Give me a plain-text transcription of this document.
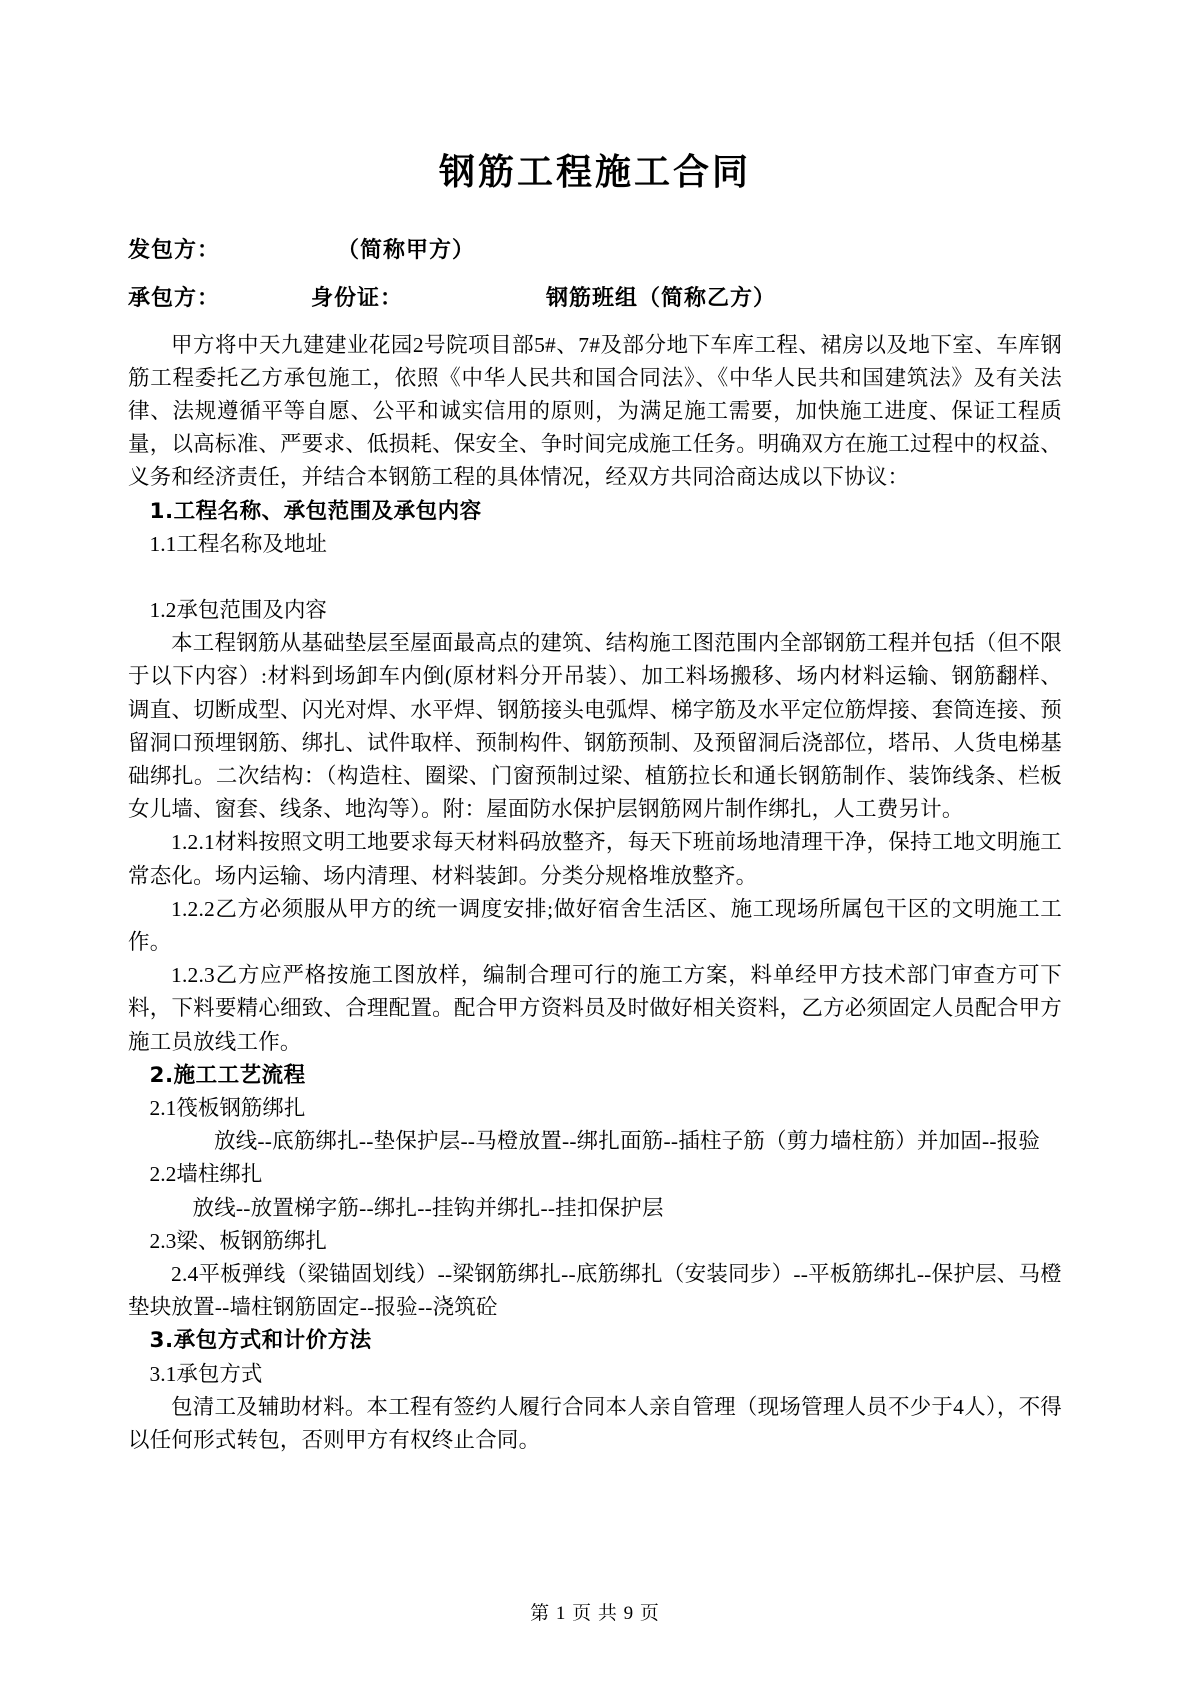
钢筋工程施工合同

发包方：                  （简称甲方）

承包方：              身份证：                      钢筋班组（简称乙方）

甲方将中天九建建业花园2号院项目部5#、7#及部分地下车库工程、裙房以及地下室、车库钢筋工程委托乙方承包施工，依照《中华人民共和国合同法》、《中华人民共和国建筑法》及有关法律、法规遵循平等自愿、公平和诚实信用的原则，为满足施工需要，加快施工进度、保证工程质量，以高标准、严要求、低损耗、保安全、争时间完成施工任务。明确双方在施工过程中的权益、义务和经济责任，并结合本钢筋工程的具体情况，经双方共同洽商达成以下协议：

1.工程名称、承包范围及承包内容

1.1工程名称及地址

1.2承包范围及内容

本工程钢筋从基础垫层至屋面最高点的建筑、结构施工图范围内全部钢筋工程并包括（但不限于以下内容）:材料到场卸车内倒(原材料分开吊装）、加工料场搬移、场内材料运输、钢筋翻样、调直、切断成型、闪光对焊、水平焊、钢筋接头电弧焊、梯字筋及水平定位筋焊接、套筒连接、预留洞口预埋钢筋、绑扎、试件取样、预制构件、钢筋预制、及预留洞后浇部位，塔吊、人货电梯基础绑扎。二次结构：（构造柱、圈梁、门窗预制过梁、植筋拉长和通长钢筋制作、装饰线条、栏板女儿墙、窗套、线条、地沟等）。附：屋面防水保护层钢筋网片制作绑扎，人工费另计。

1.2.1材料按照文明工地要求每天材料码放整齐，每天下班前场地清理干净，保持工地文明施工常态化。场内运输、场内清理、材料装卸。分类分规格堆放整齐。

1.2.2乙方必须服从甲方的统一调度安排;做好宿舍生活区、施工现场所属包干区的文明施工工作。

1.2.3乙方应严格按施工图放样，编制合理可行的施工方案，料单经甲方技术部门审查方可下料，下料要精心细致、合理配置。配合甲方资料员及时做好相关资料，乙方必须固定人员配合甲方施工员放线工作。

2.施工工艺流程

2.1筏板钢筋绑扎

放线--底筋绑扎--垫保护层--马橙放置--绑扎面筋--插柱子筋（剪力墙柱筋）并加固--报验

2.2墙柱绑扎

放线--放置梯字筋--绑扎--挂钩并绑扎--挂扣保护层

2.3梁、板钢筋绑扎

2.4平板弹线（梁锚固划线）--梁钢筋绑扎--底筋绑扎（安装同步）--平板筋绑扎--保护层、马橙垫块放置--墙柱钢筋固定--报验--浇筑砼

3.承包方式和计价方法

3.1承包方式

包清工及辅助材料。本工程有签约人履行合同本人亲自管理（现场管理人员不少于4人），不得以任何形式转包，否则甲方有权终止合同。

第 1 页 共 9 页
